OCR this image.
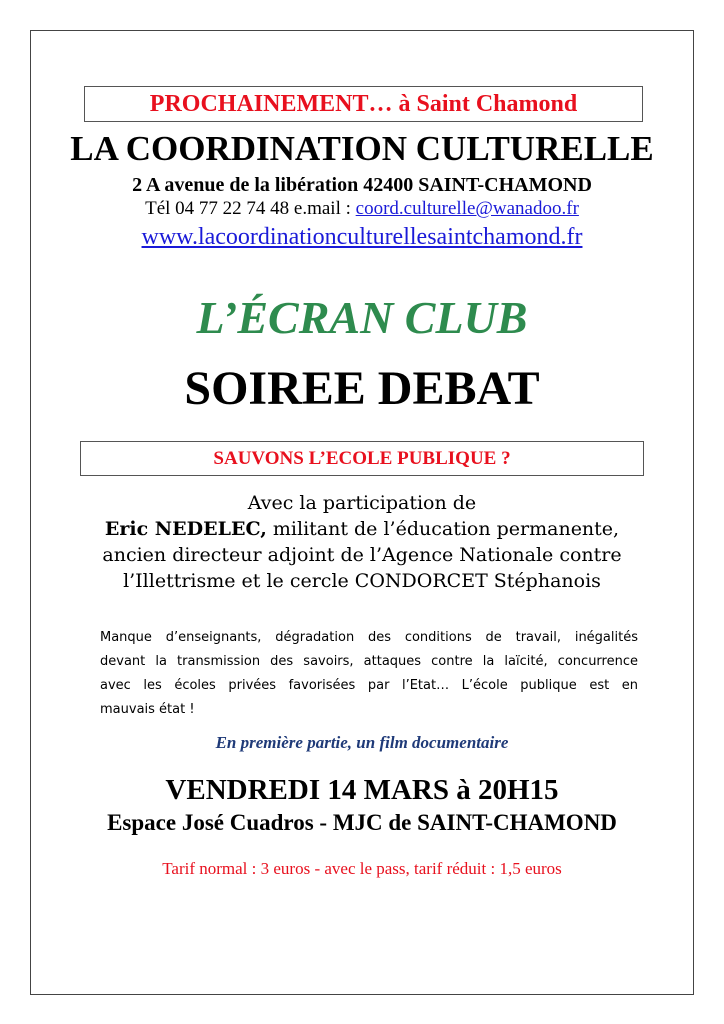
PROCHAINEMENT… à Saint Chamond
LA COORDINATION CULTURELLE
2 A avenue de la libération 42400 SAINT-CHAMOND
Tél 04 77 22 74 48 e.mail : coord.culturelle@wanadoo.fr
www.lacoordinationculturellesaintchamond.fr
L’ÉCRAN CLUB
SOIREE DEBAT
SAUVONS L’ECOLE PUBLIQUE ?
Avec la participation de
Eric NEDELEC, militant de l’éducation permanente,
ancien directeur adjoint de l’Agence Nationale contre
l’Illettrisme et le cercle CONDORCET Stéphanois
Manque d’enseignants, dégradation des conditions de travail, inégalités
devant la transmission des savoirs, attaques contre la laïcité, concurrence
avec les écoles privées favorisées par l’Etat… L’école publique est en
mauvais état !
En première partie, un film documentaire
VENDREDI 14 MARS à 20H15
Espace José Cuadros - MJC de SAINT-CHAMOND
Tarif normal : 3 euros - avec le pass, tarif réduit : 1,5 euros
